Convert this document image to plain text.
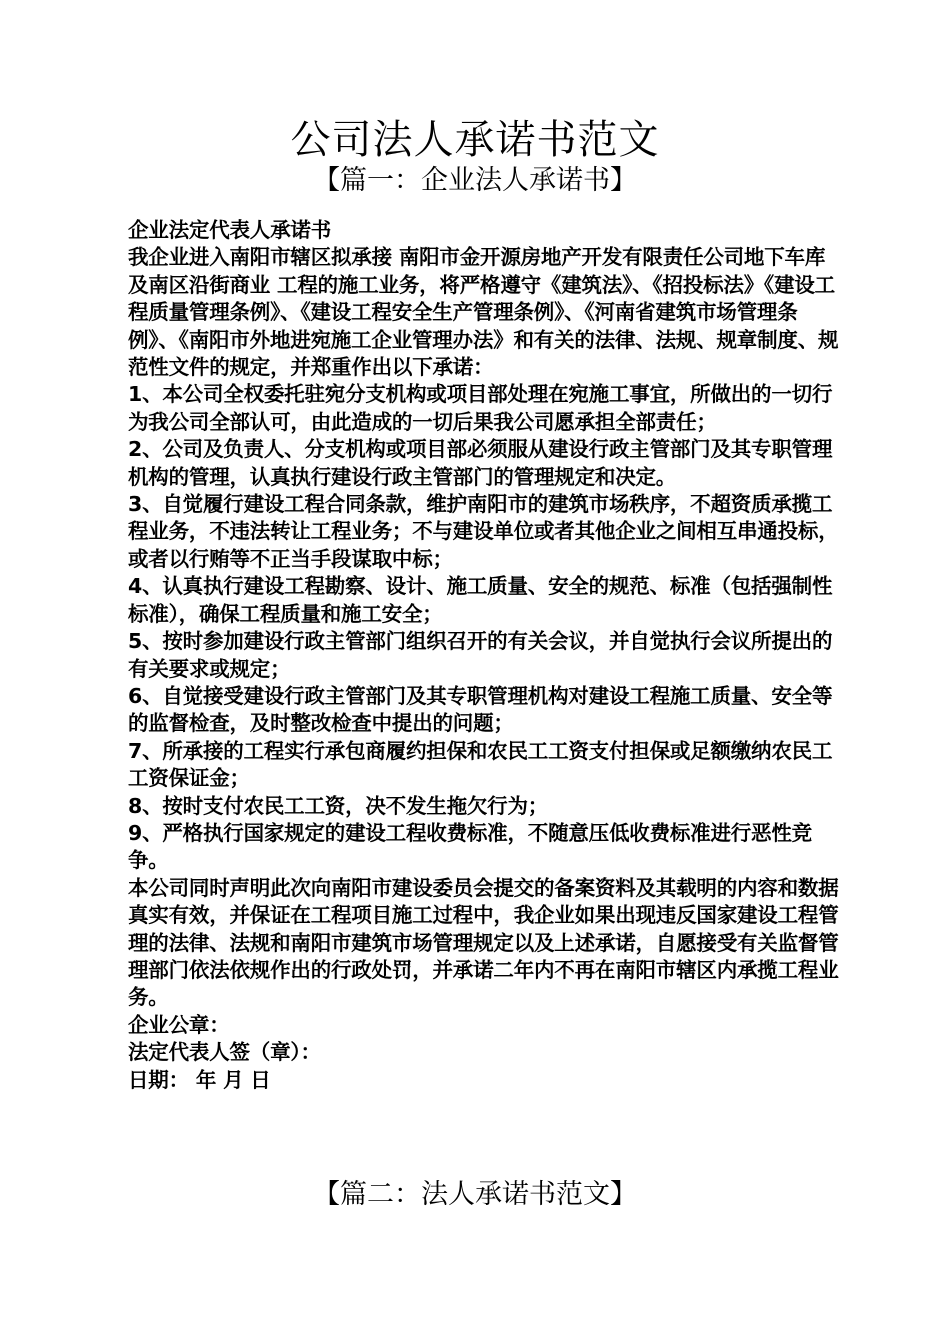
公司法人承诺书范文
【篇一：企业法人承诺书】

企业法定代表人承诺书

我企业进入南阳市辖区拟承接 南阳市金开源房地产开发有限责任公司地下车库及南区沿街商业 工程的施工业务，将严格遵守《建筑法》、《招投标法》《建设工程质量管理条例》、《建设工程安全生产管理条例》、《河南省建筑市场管理条例》、《南阳市外地进宛施工企业管理办法》和有关的法律、法规、规章制度、规范性文件的规定，并郑重作出以下承诺：

1、本公司全权委托驻宛分支机构或项目部处理在宛施工事宜，所做出的一切行为我公司全部认可，由此造成的一切后果我公司愿承担全部责任；

2、公司及负责人、分支机构或项目部必须服从建设行政主管部门及其专职管理机构的管理，认真执行建设行政主管部门的管理规定和决定。

3、自觉履行建设工程合同条款，维护南阳市的建筑市场秩序，不超资质承揽工程业务，不违法转让工程业务；不与建设单位或者其他企业之间相互串通投标，或者以行贿等不正当手段谋取中标；

4、认真执行建设工程勘察、设计、施工质量、安全的规范、标准（包括强制性标准），确保工程质量和施工安全；

5、按时参加建设行政主管部门组织召开的有关会议，并自觉执行会议所提出的有关要求或规定；

6、自觉接受建设行政主管部门及其专职管理机构对建设工程施工质量、安全等的监督检查，及时整改检查中提出的问题；

7、所承接的工程实行承包商履约担保和农民工工资支付担保或足额缴纳农民工工资保证金；

8、按时支付农民工工资，决不发生拖欠行为；

9、严格执行国家规定的建设工程收费标准，不随意压低收费标准进行恶性竞争。

本公司同时声明此次向南阳市建设委员会提交的备案资料及其载明的内容和数据真实有效，并保证在工程项目施工过程中，我企业如果出现违反国家建设工程管理的法律、法规和南阳市建筑市场管理规定以及上述承诺，自愿接受有关监督管理部门依法依规作出的行政处罚，并承诺二年内不再在南阳市辖区内承揽工程业务。

企业公章：

法定代表人签（章）：

日期： 年 月 日

【篇二：法人承诺书范文】
